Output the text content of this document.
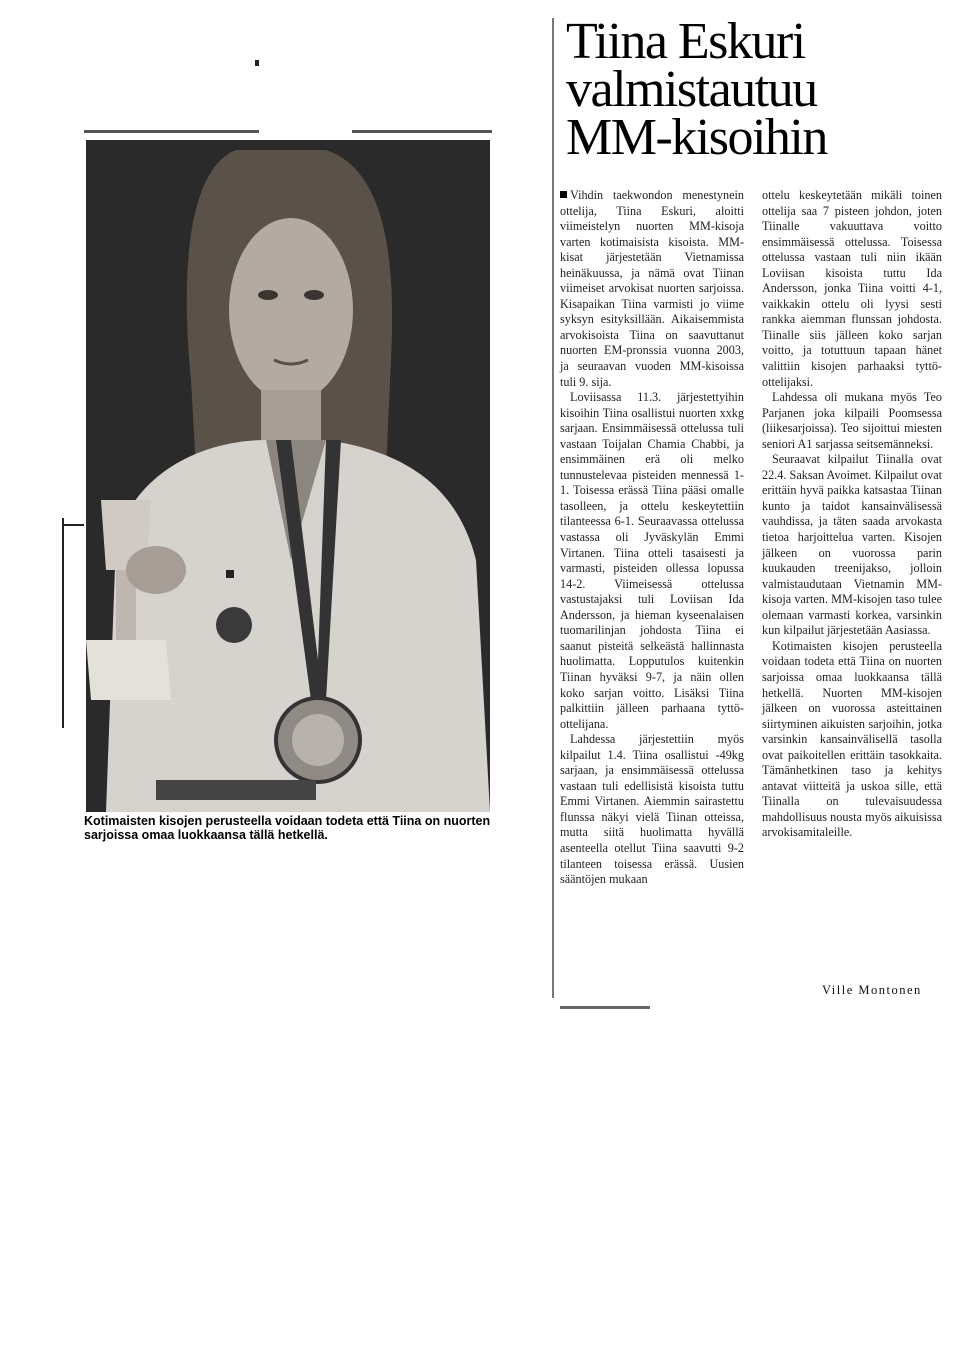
Kotimaisten kisojen perusteella voidaan todeta että Tiina on nuorten sarjoissa omaa luokkaansa tällä hetkellä.
Tiina Eskuri
valmistautuu
MM-kisoihin

Vihdin taekwondon menestynein ottelija, Tiina Eskuri, aloitti viimeistelyn nuorten MM-kisoja varten kotimaisista kisoista. MM-kisat järjestetään Vietnamissa heinäkuussa, ja nämä ovat Tiinan viimeiset arvokisat nuorten sarjoissa. Kisapaikan Tiina varmisti jo viime syksyn esityksillään. Aikaisemmista arvokisoista Tiina on saavuttanut nuorten EM-pronssia vuonna 2003, ja seuraavan vuoden MM-kisoissa tuli 9. sija.

Loviisassa 11.3. järjestettyihin kisoihin Tiina osallistui nuorten xxkg sarjaan. Ensimmäisessä ottelussa tuli vastaan Toijalan Chamia Chabbi, ja ensimmäinen erä oli melko tunnustelevaa pisteiden mennessä 1-1. Toisessa erässä Tiina pääsi omalle tasolleen, ja ottelu keskeytettiin tilanteessa 6-1. Seuraavassa ottelussa vastassa oli Jyväskylän Emmi Virtanen. Tiina otteli tasaisesti ja varmasti, pisteiden ollessa lopussa 14-2. Viimeisessä ottelussa vastustajaksi tuli Loviisan Ida Andersson, ja hieman kyseenalaisen tuomarilinjan johdosta Tiina ei saanut pisteitä selkeästä hallinnasta huolimatta. Lopputulos kuitenkin Tiinan hyväksi 9-7, ja näin ollen koko sarjan voitto. Lisäksi Tiina palkittiin jälleen parhaana tyttö-ottelijana.

Lahdessa järjestettiin myös kilpailut 1.4. Tiina osallistui -49kg sarjaan, ja ensimmäisessä ottelussa vastaan tuli edellisistä kisoista tuttu Emmi Virtanen. Aiemmin sairastettu flunssa näkyi vielä Tiinan otteissa, mutta siitä huolimatta hyvällä asenteella otellut Tiina saavutti 9-2 tilanteen toisessa erässä. Uusien sääntöjen mukaan

ottelu keskeytetään mikäli toinen ottelija saa 7 pisteen johdon, joten Tiinalle vakuuttava voitto ensimmäisessä ottelussa. Toisessa ottelussa vastaan tuli niin ikään Loviisan kisoista tuttu Ida Andersson, jonka Tiina voitti 4-1, vaikkakin ottelu oli lyysi sesti rankka aiemman flunssan johdosta. Tiinalle siis jälleen koko sarjan voitto, ja totuttuun tapaan hänet valittiin kisojen parhaaksi tyttö-ottelijaksi.

Lahdessa oli mukana myös Teo Parjanen joka kilpaili Poomsessa (liikesarjoissa). Teo sijoittui miesten seniori A1 sarjassa seitsemänneksi.

Seuraavat kilpailut Tiinalla ovat 22.4. Saksan Avoimet. Kilpailut ovat erittäin hyvä paikka katsastaa Tiinan kunto ja taidot kansainvälisessä vauhdissa, ja täten saada arvokasta tietoa harjoittelua varten. Kisojen jälkeen on vuorossa parin kuukauden treenijakso, jolloin valmistaudutaan Vietnamin MM-kisoja varten. MM-kisojen taso tulee olemaan varmasti korkea, varsinkin kun kilpailut järjestetään Aasiassa.

Kotimaisten kisojen perusteella voidaan todeta että Tiina on nuorten sarjoissa omaa luokkaansa tällä hetkellä. Nuorten MM-kisojen jälkeen on vuorossa asteittainen siirtyminen aikuisten sarjoihin, jotka varsinkin kansainvälisellä tasolla ovat paikoitellen erittäin tasokkaita. Tämänhetkinen taso ja kehitys antavat viitteitä ja uskoa sille, että Tiinalla on tulevaisuudessa mahdollisuus nousta myös aikuisissa arvokisamitaleille.

Ville Montonen
